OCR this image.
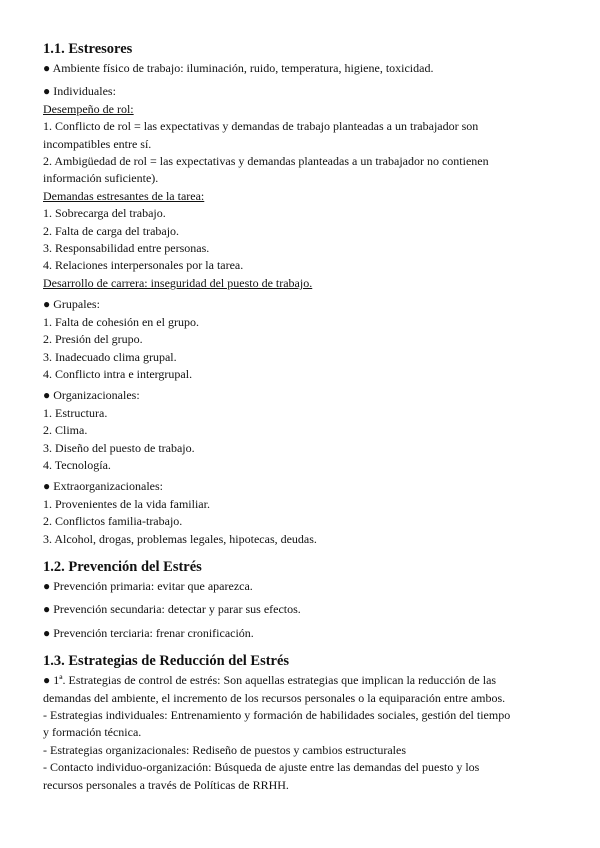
1.1. Estresores

● Ambiente físico de trabajo: iluminación, ruido, temperatura, higiene, toxicidad.

● Individuales:

Desempeño de rol:

1. Conflicto de rol = las expectativas y demandas de trabajo planteadas a un trabajador son

incompatibles entre sí.

2. Ambigüedad de rol = las expectativas y demandas planteadas a un trabajador no contienen

información suficiente).

Demandas estresantes de la tarea:

1. Sobrecarga del trabajo.

2. Falta de carga del trabajo.

3. Responsabilidad entre personas.

4. Relaciones interpersonales por la tarea.

Desarrollo de carrera: inseguridad del puesto de trabajo.

● Grupales:

1. Falta de cohesión en el grupo.

2. Presión del grupo.

3. Inadecuado clima grupal.

4. Conflicto intra e intergrupal.

● Organizacionales:

1. Estructura.

2. Clima.

3. Diseño del puesto de trabajo.

4. Tecnología.

● Extraorganizacionales:

1. Provenientes de la vida familiar.

2. Conflictos familia-trabajo.

3. Alcohol, drogas, problemas legales, hipotecas, deudas.

1.2. Prevención del Estrés

● Prevención primaria: evitar que aparezca.

● Prevención secundaria: detectar y parar sus efectos.

● Prevención terciaria: frenar cronificación.

1.3. Estrategias de Reducción del Estrés

● 1ª. Estrategias de control de estrés: Son aquellas estrategias que implican la reducción de las

demandas del ambiente, el incremento de los recursos personales o la equiparación entre ambos.

- Estrategias individuales: Entrenamiento y formación de habilidades sociales, gestión del tiempo

y formación técnica.

- Estrategias organizacionales: Rediseño de puestos y cambios estructurales

- Contacto individuo-organización: Búsqueda de ajuste entre las demandas del puesto y los

recursos personales a través de Políticas de RRHH.
